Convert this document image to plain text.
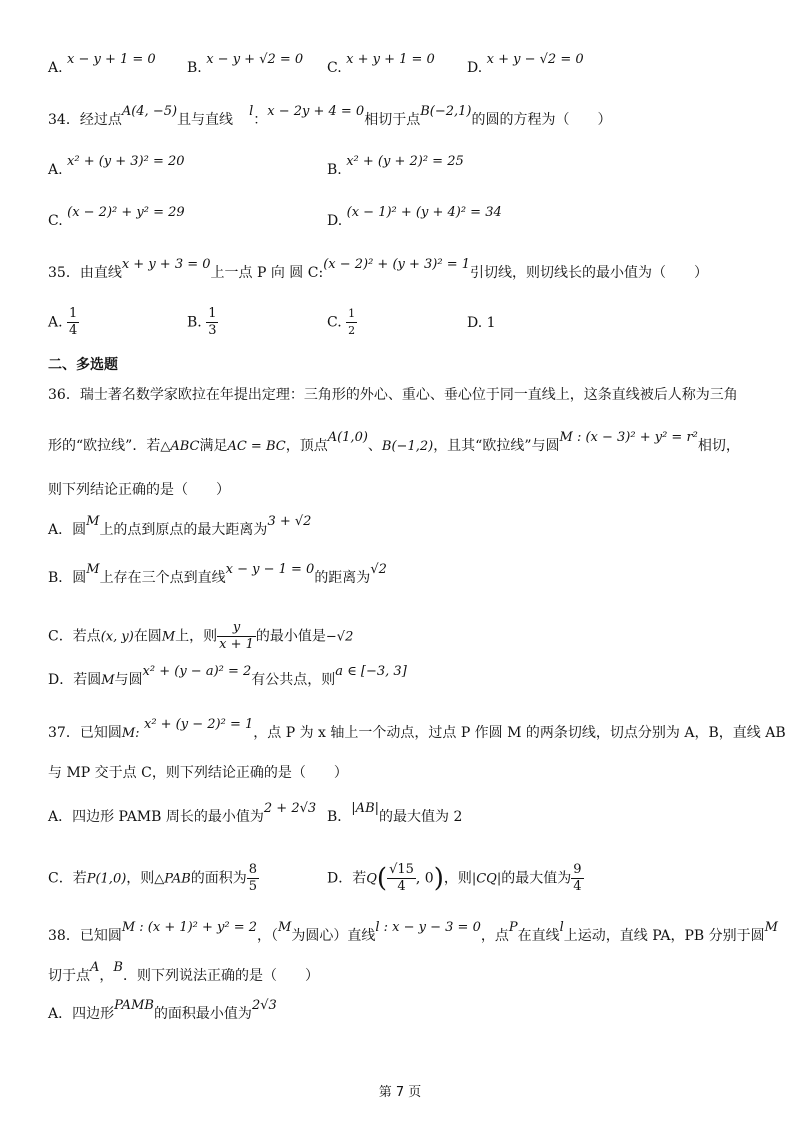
A. x − y + 1 = 0
B. x − y + √2 = 0
C. x + y + 1 = 0
D. x + y − √2 = 0
34．经过点A(4, −5)且与直线l：x − 2y + 4 = 0相切于点B(−2,1)的圆的方程为（　　）
A. x² + (y + 3)² = 20
B. x² + (y + 2)² = 25
C. (x − 2)² + y² = 29
D. (x − 1)² + (y + 4)² = 34
35．由直线x + y + 3 = 0上一点 P 向 圆 C:(x − 2)² + (y + 3)² = 1引切线，则切线长的最小值为（　　）
A. $\frac{1}{4}$	B. $\frac{1}{3}$	C. $\frac{1}{2}$	D. 1
二、多选题
36．瑞士著名数学家欧拉在年提出定理：三角形的外心、重心、垂心位于同一直线上，这条直线被后人称为三角
形的“欧拉线”．若△ABC满足AC = BC，顶点A(1,0)、B(−1,2)，且其“欧拉线”与圆M : (x − 3)² + y² = r²相切，
则下列结论正确的是（　　）
A．圆M上的点到原点的最大距离为3 + √2
B．圆M上存在三个点到直线x − y − 1 = 0的距离为√2
C．若点(x, y)在圆M上，则 $\frac{y}{x + 1}$ 的最小值是−√2
D．若圆M与圆x² + (y − a)² = 2有公共点，则a ∈ [−3, 3]
37．已知圆M: x² + (y − 2)² = 1，点 P 为 x 轴上一个动点，过点 P 作圆 M 的两条切线，切点分别为 A，B，直线 AB
与 MP 交于点 C，则下列结论正确的是（　　）
A．四边形 PAMB 周长的最小值为2 + 2√3
B．|AB|的最大值为 2
C．若P(1,0)，则△PAB的面积为 $\frac{8}{5}$	D．若$Q( \frac{√15}{4}$ , 0)，则|CQ|的最大值为 $\frac{9}{4}$
38．已知圆M : (x + 1)² + y² = 2，（M为圆心）直线l : x − y − 3 = 0，点P在直线l上运动，直线 PA，PB 分别于圆M
切于点A，B．则下列说法正确的是（　　）
A．四边形PAMB的面积最小值为2√3
第 7 页
